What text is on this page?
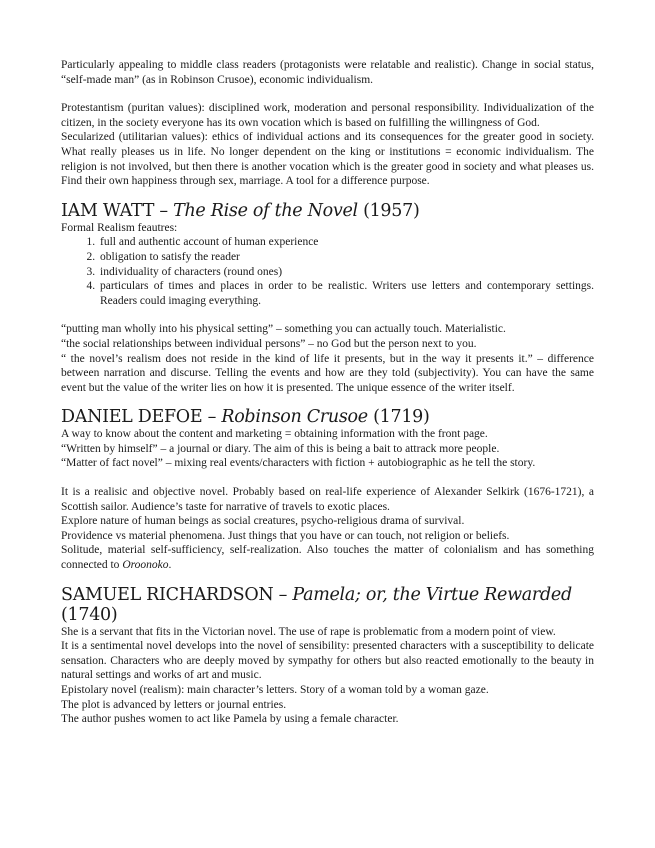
Particularly appealing to middle class readers (protagonists were relatable and realistic). Change in social status, “self-made man” (as in Robinson Crusoe), economic individualism.

Protestantism (puritan values): disciplined work, moderation and personal responsibility. Individualization of the citizen, in the society everyone has its own vocation which is based on fulfilling the willingness of God.

Secularized (utilitarian values): ethics of individual actions and its consequences for the greater good in society. What really pleases us in life. No longer dependent on the king or institutions = economic individualism. The religion is not involved, but then there is another vocation which is the greater good in society and what pleases us. Find their own happiness through sex, marriage. A tool for a difference purpose.

IAM WATT – The Rise of the Novel (1957)

Formal Realism feautres:

1. full and authentic account of human experience
2. obligation to satisfy the reader
3. individuality of characters (round ones)
4. particulars of times and places in order to be realistic. Writers use letters and contemporary settings. Readers could imaging everything.

“putting man wholly into his physical setting” – something you can actually touch. Materialistic.

“the social relationships between individual persons” – no God but the person next to you.

“ the novel’s realism does not reside in the kind of life it presents, but in the way it presents it.” – difference between narration and discurse. Telling the events and how are they told (subjectivity). You can have the same event but the value of the writer lies on how it is presented. The unique essence of the writer itself.

DANIEL DEFOE – Robinson Crusoe (1719)

A way to know about the content and marketing = obtaining information with the front page.

“Written by himself” – a journal or diary. The aim of this is being a bait to attrack more people.

“Matter of fact novel” – mixing real events/characters with fiction + autobiographic as he tell the story.

It is a realisic and objective novel. Probably based on real-life experience of Alexander Selkirk (1676-1721), a Scottish sailor. Audience’s taste for narrative of travels to exotic places.

Explore nature of human beings as social creatures, psycho-religious drama of survival.

Providence vs material phenomena. Just things that you have or can touch, not religion or beliefs.

Solitude, material self-sufficiency, self-realization. Also touches the matter of colonialism and has something connected to Oroonoko.

SAMUEL RICHARDSON – Pamela; or, the Virtue Rewarded (1740)

She is a servant that fits in the Victorian novel. The use of rape is problematic from a modern point of view.

It is a sentimental novel develops into the novel of sensibility: presented characters with a susceptibility to delicate sensation. Characters who are deeply moved by sympathy for others but also reacted emotionally to the beauty in natural settings and works of art and music.

Epistolary novel (realism): main character’s letters. Story of a woman told by a woman gaze.

The plot is advanced by letters or journal entries.

The author pushes women to act like Pamela by using a female character.
